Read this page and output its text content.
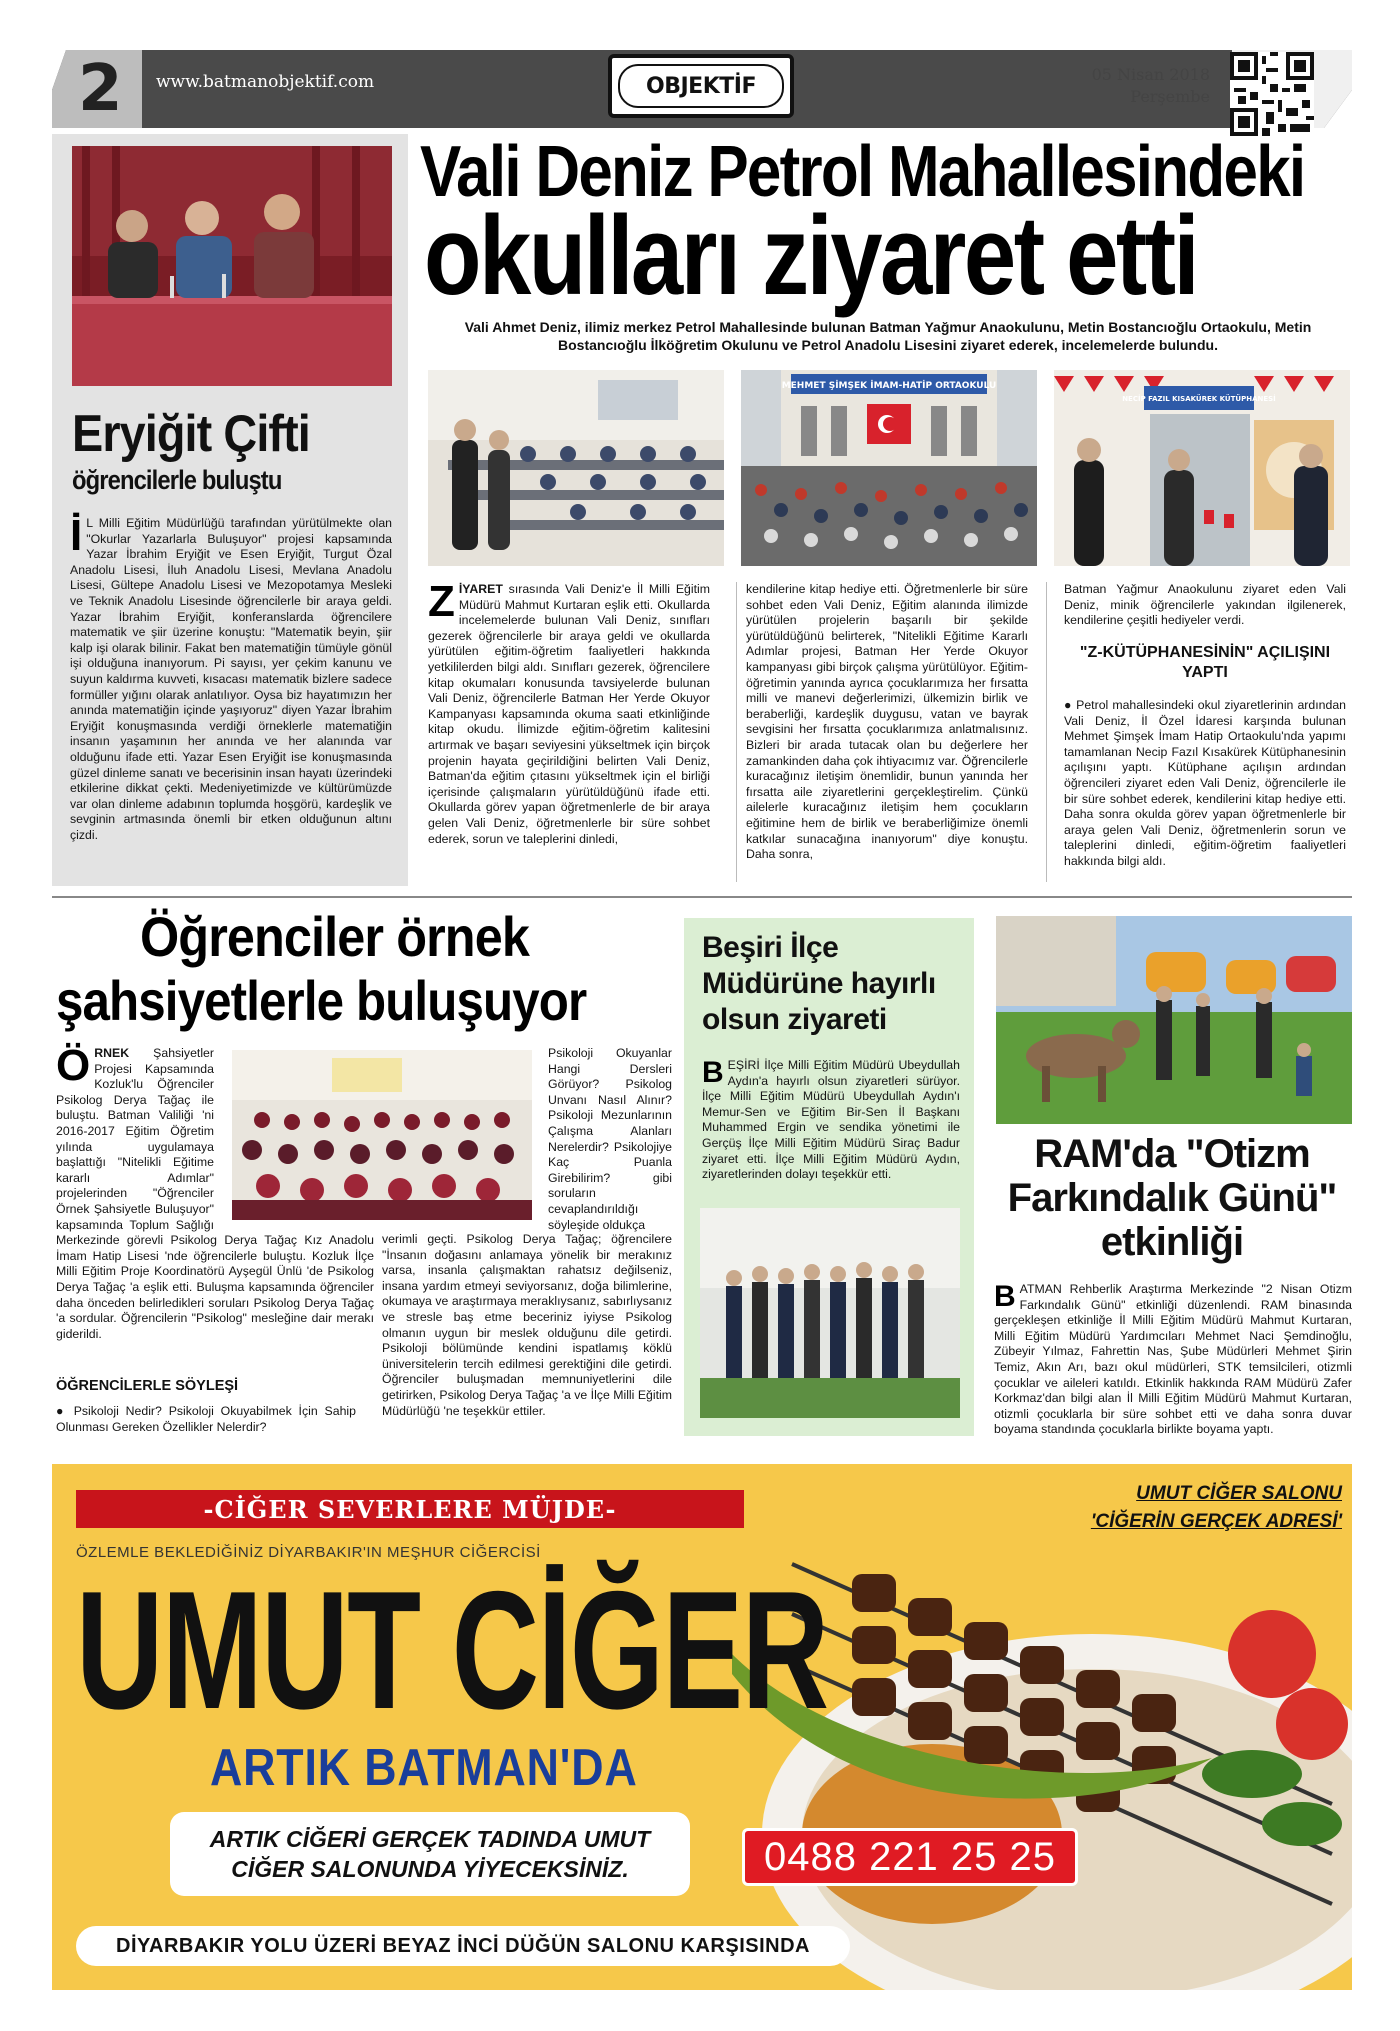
2 www.batmanobjektif.com	OBJEKTİF	05 Nisan 2018
Perşembe
Eryiğit Çifti
öğrencilerle buluştu
İ L Milli Eğitim Müdürlüğü tarafından yürütülmekte olan "Okurlar Yazarlarla Buluşuyor" projesi kapsamında Yazar İbrahim Eryiğit ve Esen Eryiğit, Turgut Özal Anadolu Lisesi, İluh Anadolu Lisesi, Mevlana Anadolu Lisesi, Gültepe Anadolu Lisesi ve Mezopotamya Mesleki ve Teknik Anadolu Lisesinde öğrencilerle bir araya geldi. Yazar İbrahim Eryiğit, konferanslarda öğrencilere matematik ve şiir üzerine konuştu: "Matematik beyin, şiir kalp işi olarak bilinir. Fakat ben matematiğin tümüyle gönül işi olduğuna inanıyorum. Pi sayısı, yer çekim kanunu ve suyun kaldırma kuvveti, kısacası matematik bizlere sadece formüller yığını olarak anlatılıyor. Oysa biz hayatımızın her anında matematiğin içinde yaşıyoruz" diyen Yazar İbrahim Eryiğit konuşmasında verdiği örneklerle matematiğin insanın yaşamının her anında ve her alanında var olduğunu ifade etti. Yazar Esen Eryiğit ise konuşmasında güzel dinleme sanatı ve becerisinin insan hayatı üzerindeki etkilerine dikkat çekti. Medeniyetimizde ve kültürümüzde var olan dinleme adabının toplumda hoşgörü, kardeşlik ve sevginin artmasında önemli bir etken olduğunun altını çizdi.
Vali Deniz Petrol Mahallesindeki
okulları ziyaret etti
Vali Ahmet Deniz, ilimiz merkez Petrol Mahallesinde bulunan Batman Yağmur Anaokulunu, Metin Bostancıoğlu Ortaokulu, Metin Bostancıoğlu İlköğretim Okulunu ve Petrol Anadolu Lisesini ziyaret ederek, incelemelerde bulundu.
MEHMET ŞİMŞEK İMAM-HATİP ORTAOKULU
NECİP FAZIL KISAKÜREK KÜTÜPHANESİ
ZİYARET sırasında Vali Deniz'e İl Milli Eğitim Müdürü Mahmut Kurtaran eşlik etti. Okullarda incelemelerde bulunan Vali Deniz, sınıfları gezerek öğrencilerle bir araya geldi ve okullarda yürütülen eğitim-öğretim faaliyetleri hakkında yetkililerden bilgi aldı. Sınıfları gezerek, öğrencilere kitap okumaları konusunda tavsiyelerde bulunan Vali Deniz, öğrencilerle Batman Her Yerde Okuyor Kampanyası kapsamında okuma saati etkinliğinde kitap okudu. İlimizde eğitim-öğretim kalitesini artırmak ve başarı seviyesini yükseltmek için birçok projenin hayata geçirildiğini belirten Vali Deniz, Batman'da eğitim çıtasını yükseltmek için el birliği içerisinde çalışmaların yürütüldüğünü ifade etti. Okullarda görev yapan öğretmenlerle de bir araya gelen Vali Deniz, öğretmenlerle bir süre sohbet ederek, sorun ve taleplerini dinledi,
kendilerine kitap hediye etti. Öğretmenlerle bir süre sohbet eden Vali Deniz, Eğitim alanında ilimizde yürütülen projelerin başarılı bir şekilde yürütüldüğünü belirterek, "Nitelikli Eğitime Kararlı Adımlar projesi, Batman Her Yerde Okuyor kampanyası gibi birçok çalışma yürütülüyor. Eğitim-öğretimin yanında ayrıca çocuklarımıza her fırsatta milli ve manevi değerlerimizi, ülkemizin birlik ve beraberliği, kardeşlik duygusu, vatan ve bayrak sevgisini her fırsatta çocuklarımıza anlatmalısınız. Bizleri bir arada tutacak olan bu değerlere her zamankinden daha çok ihtiyacımız var. Öğrencilerle kuracağınız iletişim önemlidir, bunun yanında her fırsatta aile ziyaretlerini gerçekleştirelim. Çünkü ailelerle kuracağınız iletişim hem çocukların eğitimine hem de birlik ve beraberliğimize önemli katkılar sunacağına inanıyorum" diye konuştu. Daha sonra,
Batman Yağmur Anaokulunu ziyaret eden Vali Deniz, minik öğrencilerle yakından ilgilenerek, kendilerine çeşitli hediyeler verdi.
"Z-KÜTÜPHANESİNİN" AÇILIŞINI YAPTI
● Petrol mahallesindeki okul ziyaretlerinin ardından Vali Deniz, İl Özel İdaresi karşında bulunan Mehmet Şimşek İmam Hatip Ortaokulu'nda yapımı tamamlanan Necip Fazıl Kısakürek Kütüphanesinin açılışını yaptı. Kütüphane açılışın ardından öğrencileri ziyaret eden Vali Deniz, öğrencilerle ile bir süre sohbet ederek, kendilerini kitap hediye etti. Daha sonra okulda görev yapan öğretmenlerle bir araya gelen Vali Deniz, öğretmenlerin sorun ve taleplerini dinledi, eğitim-öğretim faaliyetleri hakkında bilgi aldı.
Öğrenciler örnek
şahsiyetlerle buluşuyor
ÖRNEK Şahsiyetler Projesi Kapsamında Kozluk'lu Öğrenciler Psikolog Derya Tağaç ile buluştu. Batman Valiliği 'ni 2016-2017 Eğitim Öğretim yılında uygulamaya başlattığı "Nitelikli Eğitime kararlı Adımlar" projelerinden "Öğrenciler Örnek Şahsiyetle Buluşuyor" kapsamında Toplum Sağlığı Merkezinde görevli Psikolog Derya Tağaç Kız Anadolu İmam Hatip Lisesi 'nde öğrencilerle buluştu. Kozluk İlçe Milli Eğitim Proje Koordinatörü Ayşegül Ünlü 'de Psikolog Derya Tağaç 'a eşlik etti. Buluşma kapsamında öğrenciler daha önceden belirledikleri soruları Psikolog Derya Tağaç 'a sordular. Öğrencilerin "Psikolog" mesleğine dair merakı giderildi.
Psikoloji Okuyanlar Hangi Dersleri Görüyor? Psikolog Unvanı Nasıl Alınır? Psikoloji Mezunlarının Çalışma Alanları Nerelerdir? Psikolojiye Kaç Puanla Girebilirim? gibi soruların cevaplandırıldığı söyleşide oldukça
verimli geçti. Psikolog Derya Tağaç; öğrencilere "İnsanın doğasını anlamaya yönelik bir merakınız varsa, insanla çalışmaktan rahatsız değilseniz, insana yardım etmeyi seviyorsanız, doğa bilimlerine, okumaya ve araştırmaya meraklıysanız, sabırlıysanız ve stresle baş etme beceriniz iyiyse Psikolog olmanın uygun bir meslek olduğunu dile getirdi. Psikoloji bölümünde kendini ispatlamış köklü üniversitelerin tercih edilmesi gerektiğini dile getirdi. Öğrenciler buluşmadan memnuniyetlerini dile getirirken, Psikolog Derya Tağaç 'a ve İlçe Milli Eğitim Müdürlüğü 'ne teşekkür ettiler.
ÖĞRENCİLERLE SÖYLEŞİ
● Psikoloji Nedir? Psikoloji Okuyabilmek İçin Sahip Olunması Gereken Özellikler Nelerdir?
Beşiri İlçe
Müdürüne hayırlı
olsun ziyareti
BEŞİRİ İlçe Milli Eğitim Müdürü Ubeydullah Aydın'a hayırlı olsun ziyaretleri sürüyor. İlçe Milli Eğitim Müdürü Ubeydullah Aydın'ı Memur-Sen ve Eğitim Bir-Sen İl Başkanı Muhammed Ergin ve sendika yönetimi ile Gerçüş İlçe Milli Eğitim Müdürü Siraç Badur ziyaret etti. İlçe Milli Eğitim Müdürü Aydın, ziyaretlerinden dolayı teşekkür etti.	RAM'da "Otizm
Farkındalık Günü"
etkinliği
BATMAN Rehberlik Araştırma Merkezinde "2 Nisan Otizm Farkındalık Günü" etkinliği düzenlendi. RAM binasında gerçekleşen etkinliğe İl Milli Eğitim Müdürü Mahmut Kurtaran, Milli Eğitim Müdürü Yardımcıları Mehmet Naci Şemdinoğlu, Zübeyir Yılmaz, Fahrettin Nas, Şube Müdürleri Mehmet Şirin Temiz, Akın Arı, bazı okul müdürleri, STK temsilcileri, otizmli çocuklar ve aileleri katıldı. Etkinlik hakkında RAM Müdürü Zafer Korkmaz'dan bilgi alan İl Milli Eğitim Müdürü Mahmut Kurtaran, otizmli çocuklarla bir süre sohbet etti ve daha sonra duvar boyama standında çocuklarla birlikte boyama yaptı.
-CİĞER SEVERLERE MÜJDE-
ÖZLEMLE BEKLEDİĞİNİZ DİYARBAKIR'IN MEŞHUR CİĞERCİSİ
UMUT CİĞER
ARTIK BATMAN'DA
ARTIK CİĞERİ GERÇEK TADINDA UMUT
CİĞER SALONUNDA YİYECEKSİNİZ.	0488 221 25 25
DİYARBAKIR YOLU ÜZERİ BEYAZ İNCİ DÜĞÜN SALONU KARŞISINDA
UMUT CİĞER SALONU
'CİĞERİN GERÇEK ADRESİ'
